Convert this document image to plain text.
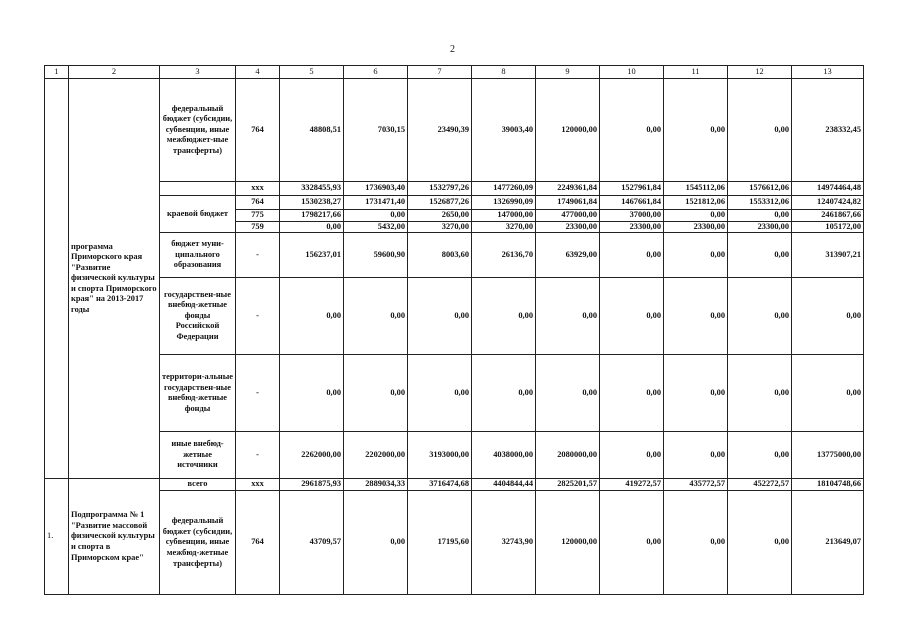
2
1	2	3	4	5	6	7	8	9	10	11	12	13
	программа Приморского края "Развитие физической культуры и спорта Приморского края" на 2013-2017 годы	федеральный бюджет (субсидии, субвенции, иные межбюджет-ные трансферты)	764	48808,51	7030,15	23490,39	39003,40	120000,00	0,00	0,00	0,00	238332,45
			ххх	3328455,93	1736903,40	1532797,26	1477260,09	2249361,84	1527961,84	1545112,06	1576612,06	14974464,48
		краевой бюджет	764	1530238,27	1731471,40	1526877,26	1326990,09	1749061,84	1467661,84	1521812,06	1553312,06	12407424,82
			775	1798217,66	0,00	2650,00	147000,00	477000,00	37000,00	0,00	0,00	2461867,66
			759	0,00	5432,00	3270,00	3270,00	23300,00	23300,00	23300,00	23300,00	105172,00
		бюджет муни-ципального образования	-	156237,01	59600,90	8003,60	26136,70	63929,00	0,00	0,00	0,00	313907,21
		государствен-ные внебюд-жетные фонды Российской Федерации	-	0,00	0,00	0,00	0,00	0,00	0,00	0,00	0,00	0,00
		территори-альные государствен-ные внебюд-жетные фонды	-	0,00	0,00	0,00	0,00	0,00	0,00	0,00	0,00	0,00
		иные внебюд-жетные источники	-	2262000,00	2202000,00	3193000,00	4038000,00	2080000,00	0,00	0,00	0,00	13775000,00
1.	Подпрограмма № 1 "Развитие массовой физической культуры и спорта в Приморском крае"	всего	ххх	2961875,93	2889034,33	3716474,68	4404844,44	2825201,57	419272,57	435772,57	452272,57	18104748,66
		федеральный бюджет (субсидии, субвенции, иные межбюд-жетные трансферты)	764	43709,57	0,00	17195,60	32743,90	120000,00	0,00	0,00	0,00	213649,07
